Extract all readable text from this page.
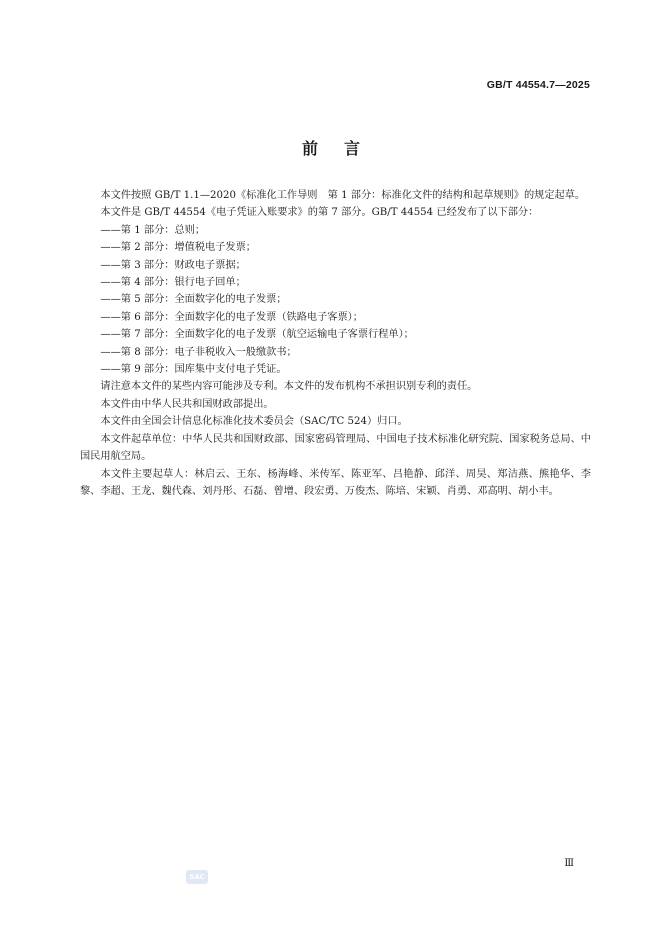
GB/T 44554.7—2025
前言

本文件按照 GB/T 1.1—2020《标准化工作导则　第 1 部分：标准化文件的结构和起草规则》的规定起草。

本文件是 GB/T 44554《电子凭证入账要求》的第 7 部分。GB/T 44554 已经发布了以下部分：

——第 1 部分：总则；

——第 2 部分：增值税电子发票；

——第 3 部分：财政电子票据；

——第 4 部分：银行电子回单；

——第 5 部分：全面数字化的电子发票；

——第 6 部分：全面数字化的电子发票（铁路电子客票）；

——第 7 部分：全面数字化的电子发票（航空运输电子客票行程单）；

——第 8 部分：电子非税收入一般缴款书；

——第 9 部分：国库集中支付电子凭证。

请注意本文件的某些内容可能涉及专利。本文件的发布机构不承担识别专利的责任。

本文件由中华人民共和国财政部提出。

本文件由全国会计信息化标准化技术委员会（SAC/TC 524）归口。

本文件起草单位：中华人民共和国财政部、国家密码管理局、中国电子技术标准化研究院、国家税务总局、中国民用航空局。

本文件主要起草人：林启云、王东、杨海峰、米传军、陈亚军、吕艳静、邱洋、周昊、郑洁燕、熊艳华、李黎、李超、王龙、魏代森、刘丹彤、石磊、曾增、段宏勇、万俊杰、陈培、宋颖、肖勇、邓高明、胡小丰。

Ⅲ
SAC
